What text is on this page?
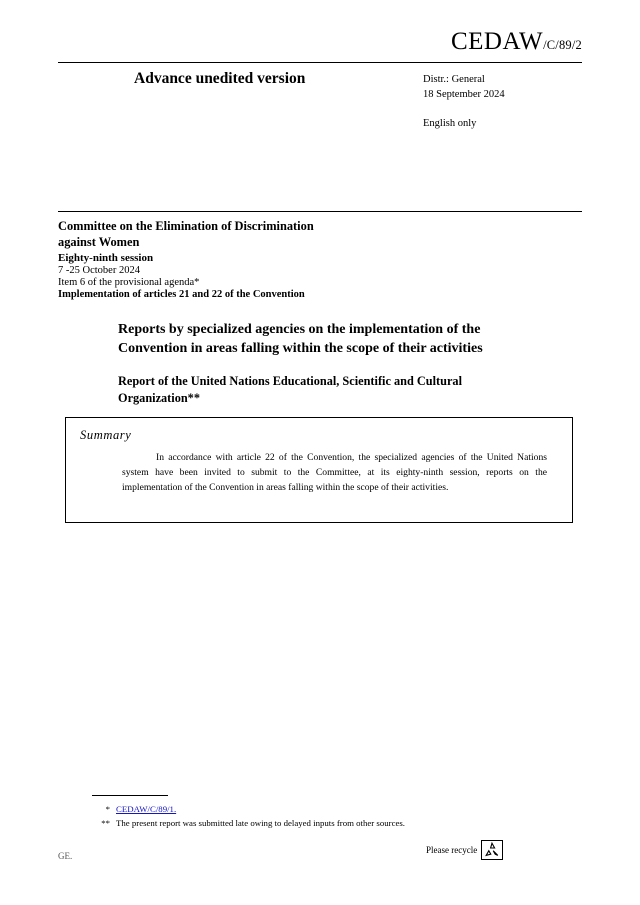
CEDAW/C/89/2
Advance unedited version	Distr.: General
18 September 2024
English only
Committee on the Elimination of Discrimination
against Women
Eighty-ninth session
7 -25 October 2024
Item 6 of the provisional agenda*
Implementation of articles 21 and 22 of the Convention
Reports by specialized agencies on the implementation of the Convention in areas falling within the scope of their activities
Report of the United Nations Educational, Scientific and Cultural Organization**
Summary
In accordance with article 22 of the Convention, the specialized agencies of the United Nations system have been invited to submit to the Committee, at its eighty-ninth session, reports on the implementation of the Convention in areas falling within the scope of their activities.
* CEDAW/C/89/1.
** The present report was submitted late owing to delayed inputs from other sources.
GE.
Please recycle
